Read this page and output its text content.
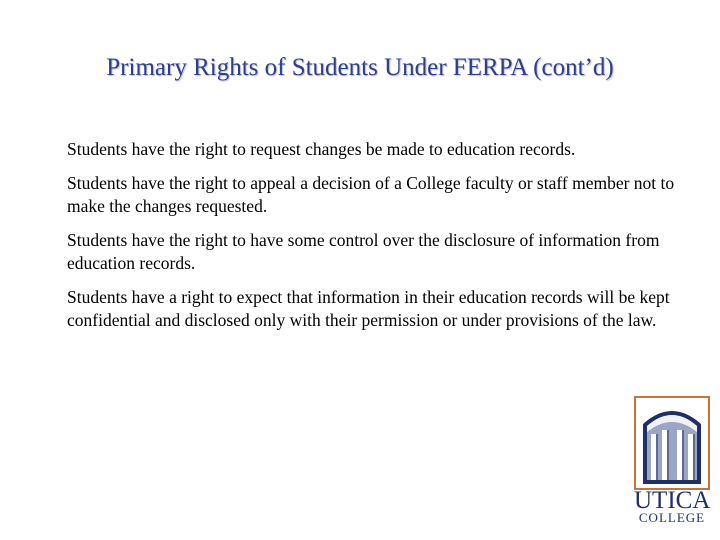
Primary Rights of Students Under FERPA (cont’d)
Students have the right to request changes be made to education records.
Students have the right to appeal a decision of a College faculty or staff member not to make the changes requested.
Students have the right to have some control over the disclosure of information from education records.
Students have a right to expect that information in their education records will be kept confidential and disclosed only with their permission or under provisions of the law.
UTICA
COLLEGE
